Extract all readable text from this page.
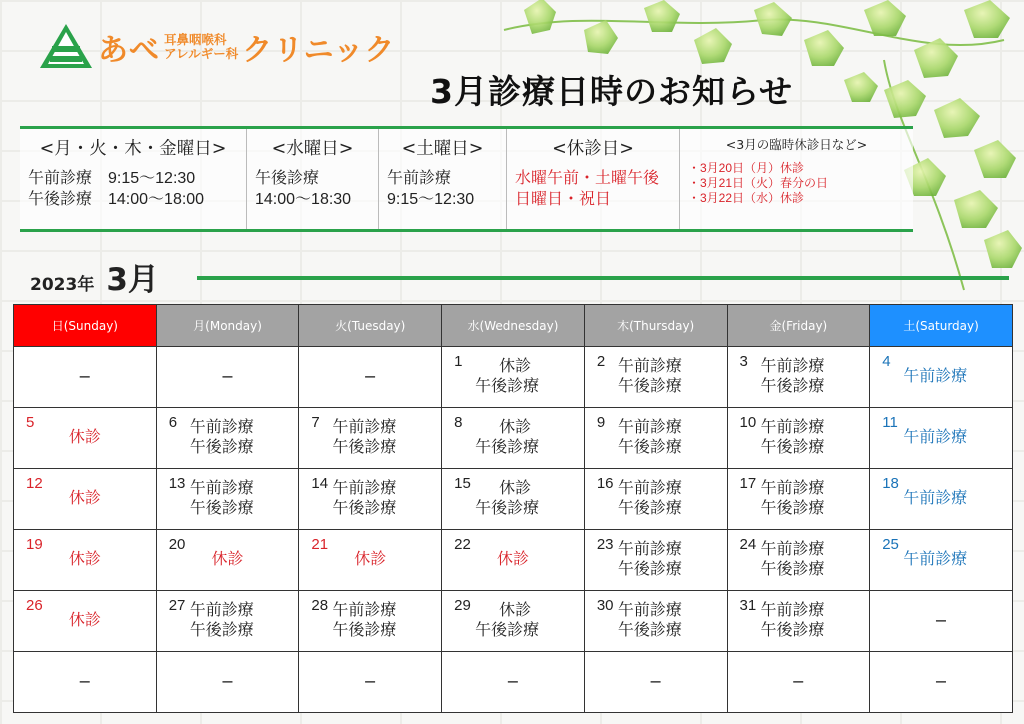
あべ 耳鼻咽喉科
アレルギー科 クリニック
3月診療日時のお知らせ
<月・火・木・金曜日>

午前診療　9:15〜12:30

午後診療　14:00〜18:00

<水曜日>

午後診療

14:00〜18:30

<土曜日>

午前診療

9:15〜12:30

<休診日>

水曜午前・土曜午後

日曜日・祝日

<3月の臨時休診日など>

・3月20日（月）休診

・3月21日（火）春分の日

・3月22日（水）休診

2023年 3月
日(Sunday)	月(Monday)	火(Tuesday)	水(Wednesday)	木(Thursday)	金(Friday)	土(Saturday)

−	−	−	1 　休診
午後診療	2 午前診療
午後診療	3 午前診療
午後診療	4
午前診療

5
休診	6 午前診療
午後診療	7 午前診療
午後診療	8 　休診
午後診療	9 午前診療
午後診療	10 午前診療
午後診療	11
午前診療

12
休診	13 午前診療
午後診療	14 午前診療
午後診療	15 　休診
午後診療	16 午前診療
午後診療	17 午前診療
午後診療	18
午前診療

19
休診	20
休診	21
休診	22
休診	23 午前診療
午後診療	24 午前診療
午後診療	25
午前診療

26
休診	27 午前診療
午後診療	28 午前診療
午後診療	29 　休診
午後診療	30 午前診療
午後診療	31 午前診療
午後診療	−

−	−	−	−	−	−	−
